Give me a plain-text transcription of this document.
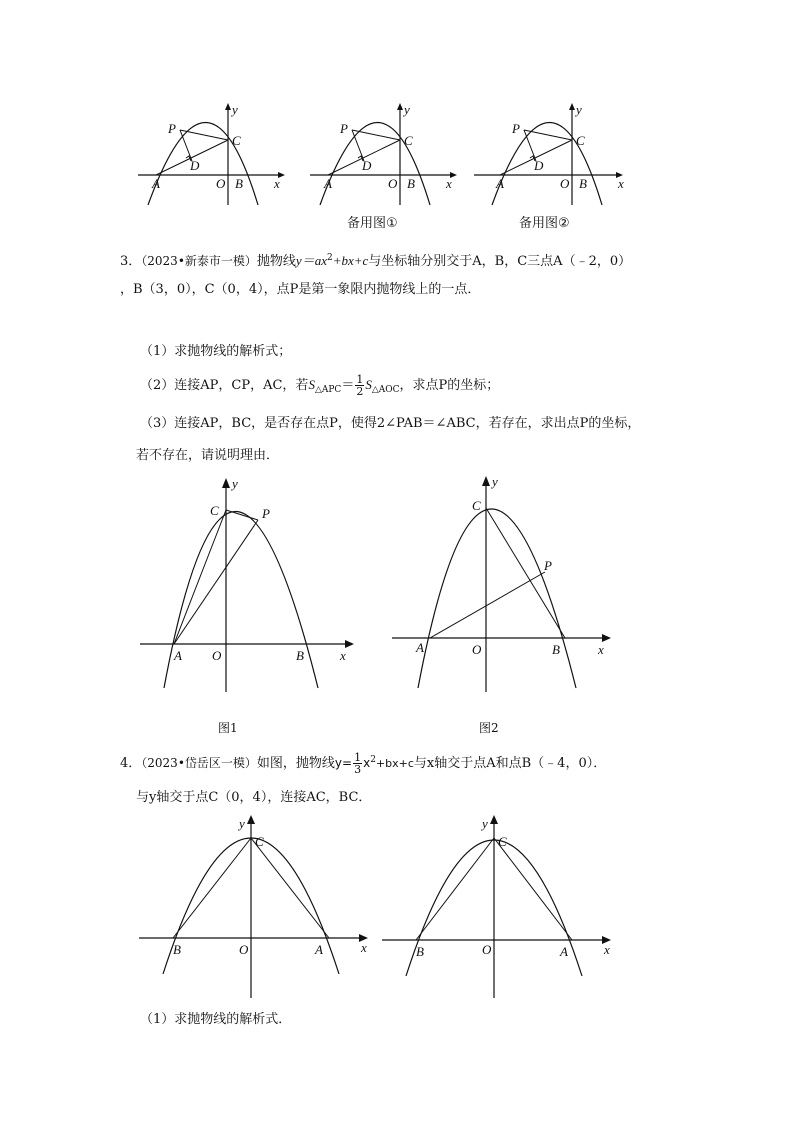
P
C
D
A	O B x
y
P
C
D
A	O B x
y
P
C
D
A	O B x
y
备用图①	备用图②
3．（2023•新泰市一模）抛物线$y=ax^2+bx+c$与坐标轴分别交于A，B，C三点A（﹣2，0）
，B（3，0），C（0，4），点P是第一象限内抛物线上的一点．
（1）求抛物线的解析式；
（2）连接AP，CP，AC，若$S_{\triangle APC}= \frac{1}{2} S_{\triangle AOC}$，求点P的坐标；
（3）连接AP，BC，是否存在点P，使得2∠PAB＝∠ABC，若存在，求出点P的坐标，
若不存在，请说明理由．
C	P
A O	B	x
y
C
P
A	O	B	x
y
图1	图2
4．（2023•岱岳区一模）如图，抛物线$y= \frac{1}{3} x^2+bx+c$与x轴交于点A和点B（﹣4，0）．
与y轴交于点C（0，4），连接AC，BC．
C
B	O	A	x
y
C
B	O	A	x
y
（1）求抛物线的解析式．
